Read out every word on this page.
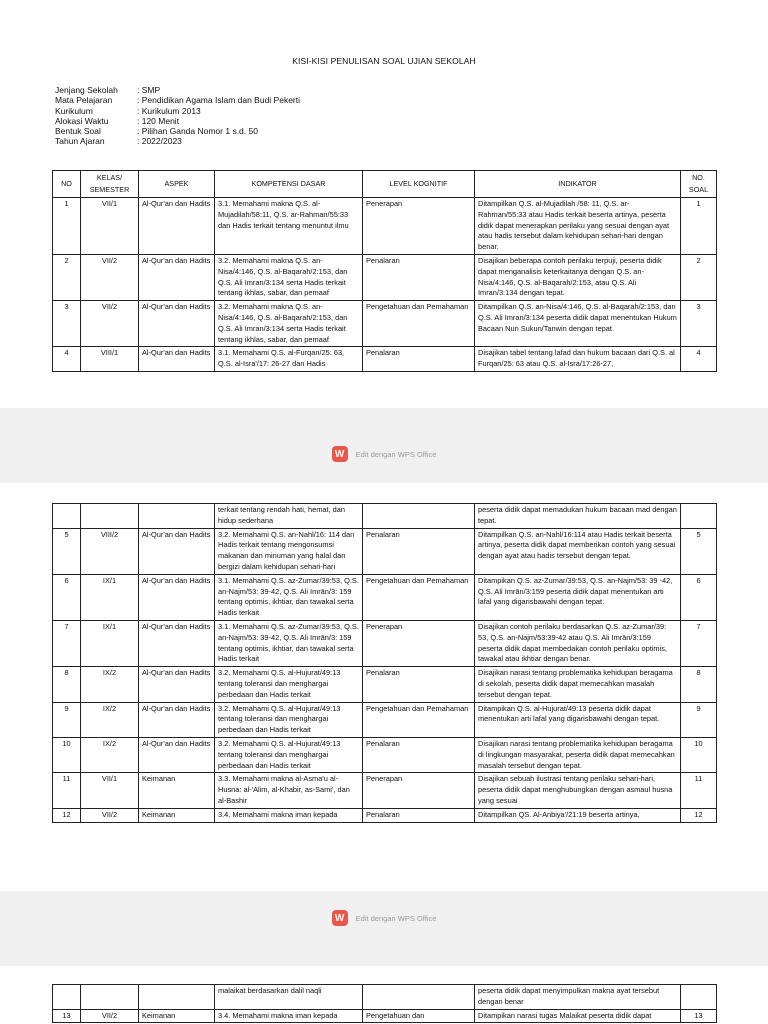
KISI-KISI PENULISAN SOAL UJIAN SEKOLAH
Jenjang Sekolah	: SMP
Mata Pelajaran	: Pendidikan Agama Islam dan Budi Pekerti
Kurikulum	: Kurikulum 2013
Alokasi Waktu	: 120 Menit
Bentuk Soal	: Pilihan Ganda Nomor 1 s.d. 50
Tahun Ajaran	: 2022/2023
NO	KELAS/ SEMESTER	ASPEK	KOMPETENSI DASAR	LEVEL KOGNITIF	INDIKATOR	NO. SOAL
1	VII/1	Al-Qur'an dan Hadits	3.1. Memahami makna Q.S. al-Mujadilah/58:11, Q.S. ar-Rahman/55:33 dan Hadis terkait tentang menuntut ilmu	Penerapan	Ditampilkan Q.S. al-Mujadilah /58: 11, Q.S. ar-Rahman/55:33 atau Hadis terkait beserta artinya, peserta didik dapat menerapkan perilaku yang sesuai dengan ayat atau hadis tersebut dalam kehidupan sehari-hari dengan benar.	1
2	VII/2	Al-Qur'an dan Hadits	3.2. Memahami makna Q.S. an-Nisa/4:146, Q.S. al-Baqarah/2:153, dan Q.S. Ali Imran/3:134 serta Hadis terkait tentang ikhlas, sabar, dan pemaaf	Penalaran	Disajikan beberapa contoh perilaku terpuji, peserta didik dapat menganalisis keterkaitanya dengan Q.S. an-Nisa/4:146, Q.S. al-Baqarah/2:153, atau Q.S. Ali Imran/3:134 dengan tepat.	2
3	VII/2	Al-Qur'an dan Hadits	3.2. Memahami makna Q.S. an-Nisa/4:146, Q.S. al-Baqarah/2:153, dan Q.S. Ali Imran/3:134 serta Hadis terkait tentang ikhlas, sabar, dan pemaaf	Pengetahuan dan Pemahaman	Ditampilkan Q.S. an-Nisa/4:146, Q.S. al-Baqarah/2:153, dan Q.S. Ali Imran/3:134 peserta didik dapat menentukan Hukum Bacaan Nun Sukun/Tanwin dengan tepat.	3
4	VIII/1	Al-Qur'an dan Hadits	3.1. Memahami Q.S. al-Furqan/25: 63, Q.S. al-Isra'/17: 26-27 dan Hadis	Penalaran	Disajikan tabel tentang lafad dan hukum bacaan dari Q.S. al Furqan/25: 63 atau Q.S. al-Isra/17:26-27,	4
W	Edit dengan WPS Office
			terkait tentang rendah hati, hemat, dan hidup sederhana		peserta didik dapat memadukan hukum bacaan mad dengan tepat.	
5	VIII/2	Al-Qur'an dan Hadits	3.2. Memahami Q.S. an-Nahl/16: 114 dan Hadis terkait tentang mengonsumsi makanan dan minuman yang halal dan bergizi dalam kehidupan sehari-hari	Penalaran	Ditampilkan Q.S. an-Nahl/16:114 atau Hadis terkait beserta artinya, peserta didik dapat memberikan contoh yang sesuai dengan ayat atau hadis tersebut dengan tepat.	5
6	IX/1	Al-Qur'an dan Hadits	3.1. Memahami Q.S. az-Zumar/39:53, Q.S. an-Najm/53: 39-42, Q.S. Ali Imrān/3: 159 tentang optimis, ikhtiar, dan tawakal serta Hadis terkait	Pengetahuan dan Pemahaman	Ditampikan Q.S. az-Zumar/39:53, Q.S. an-Najm/53: 39 -42, Q.S. Ali Imrān/3:159 peserta didik dapat menentukan arti lafal yang digarisbawahi dengan tepat.	6
7	IX/1	Al-Qur'an dan Hadits	3.1. Memahami Q.S. az-Zumar/39:53, Q.S. an-Najm/53: 39-42, Q.S. Ali Imrān/3: 159 tentang optimis, ikhtiar, dan tawakal serta Hadis terkait	Penerapan	Disajikan contoh perilaku berdasarkan Q.S. az-Zumar/39: 53, Q.S. an-Najm/53:39-42 atau Q.S. Ali Imrān/3:159 peserta didik dapat membedakan contoh perilaku optimis, tawakal atau ikhtiar dengan benar.	7
8	IX/2	Al-Qur'an dan Hadits	3.2. Memahami Q.S. al-Hujurat/49:13 tentang toleransi dan menghargai perbedaan dan Hadis terkait	Penalaran	Disajikan narasi tentang problematika kehidupan beragama di sekolah, peserta didik dapat memecahkan masalah tersebut dengan tepat.	8
9	IX/2	Al-Qur'an dan Hadits	3.2. Memahami Q.S. al-Hujurat/49:13 tentang toleransi dan menghargai perbedaan dan Hadis terkait	Pengetahuan dan Pemahaman	Ditampikan Q.S. al-Hujurat/49:13 peserta didik dapat menentukan arti lafal yang digarisbawahi dengan tepat.	9
10	IX/2	Al-Qur'an dan Hadits	3.2. Memahami Q.S. al-Hujurat/49:13 tentang toleransi dan menghargai perbedaan dan Hadis terkait	Penalaran	Disajikan narasi tentang problematika kehidupan beragama di lingkungan masyarakat, peserta didik dapat memecahkan masalah tersebut dengan tepat.	10
11	VII/1	Keimanan	3.3. Memahami makna al-Asma'u al-Husna: al-'Alim, al-Khabir, as-Sami', dan al-Bashir	Penerapan	Disajikan sebuah ilustrasi tentang perilaku sehari-hari, peserta didik dapat menghubungkan dengan asmaul husna yang sesuai	11
12	VII/2	Keimanan	3.4. Memahami makna iman kepada	Penalaran	Ditampilkan QS. Al-Anbiya'/21:19 beserta artinya,	12
W	Edit dengan WPS Office
			malaikat berdasarkan dalil naqli		peserta didik dapat menyimpulkan makna ayat tersebut dengan benar	
13	VII/2	Keimanan	3.4. Memahami makna iman kepada	Pengetahuan dan	Ditampikan narasi tugas Malaikat peserta didik dapat	13
